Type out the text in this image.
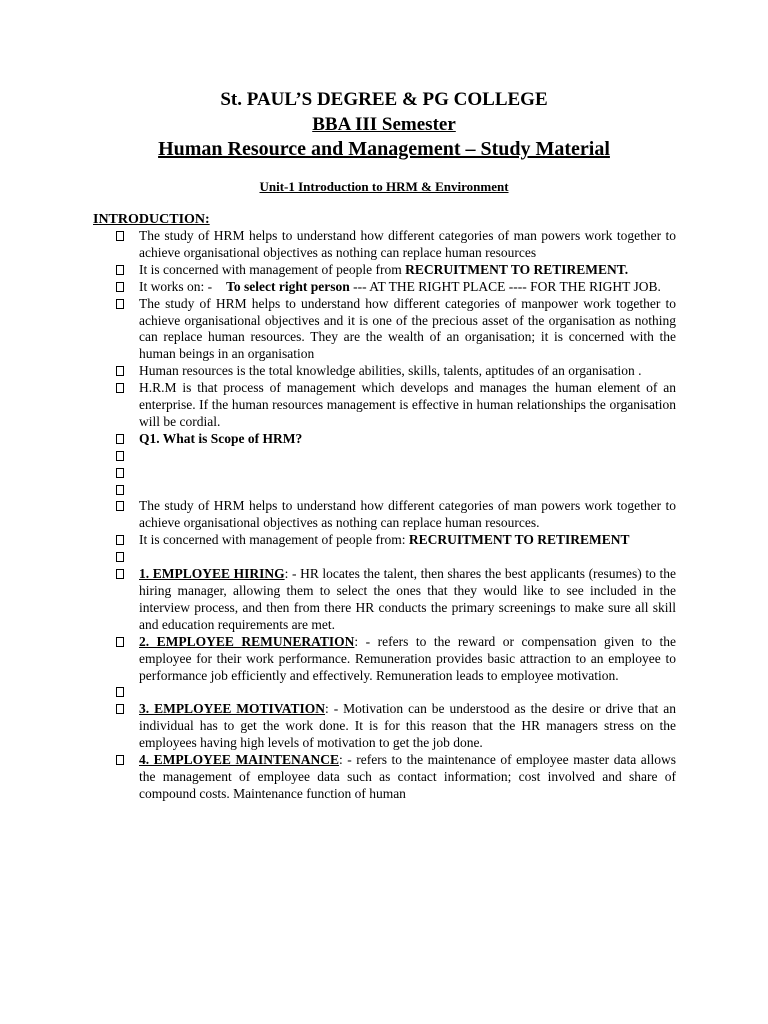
St. PAUL’S DEGREE & PG COLLEGE
BBA III Semester
Human Resource and Management – Study Material
Unit-1 Introduction to HRM & Environment
INTRODUCTION:
The study of HRM helps to understand how different categories of man powers work together to achieve organisational objectives as nothing can replace human resources
It is concerned with management of people from RECRUITMENT TO RETIREMENT.
It works on: - To select right person --- AT THE RIGHT PLACE ---- FOR THE RIGHT JOB.
The study of HRM helps to understand how different categories of manpower work together to achieve organisational objectives and it is one of the precious asset of the organisation as nothing can replace human resources. They are the wealth of an organisation; it is concerned with the human beings in an organisation
Human resources is the total knowledge abilities, skills, talents, aptitudes of an organisation .
H.R.M is that process of management which develops and manages the human element of an enterprise. If the human resources management is effective in human relationships the organisation will be cordial.
Q1. What is Scope of HRM?
The study of HRM helps to understand how different categories of man powers work together to achieve organisational objectives as nothing can replace human resources.
It is concerned with management of people from: RECRUITMENT TO RETIREMENT
1. EMPLOYEE HIRING: - HR locates the talent, then shares the best applicants (resumes) to the hiring manager, allowing them to select the ones that they would like to see included in the interview process, and then from there HR conducts the primary screenings to make sure all skill and education requirements are met.
2. EMPLOYEE REMUNERATION: - refers to the reward or compensation given to the employee for their work performance. Remuneration provides basic attraction to an employee to performance job efficiently and effectively. Remuneration leads to employee motivation.
3. EMPLOYEE MOTIVATION: - Motivation can be understood as the desire or drive that an individual has to get the work done. It is for this reason that the HR managers stress on the employees having high levels of motivation to get the job done.
4. EMPLOYEE MAINTENANCE: - refers to the maintenance of employee master data allows the management of employee data such as contact information; cost involved and share of compound costs. Maintenance function of human
